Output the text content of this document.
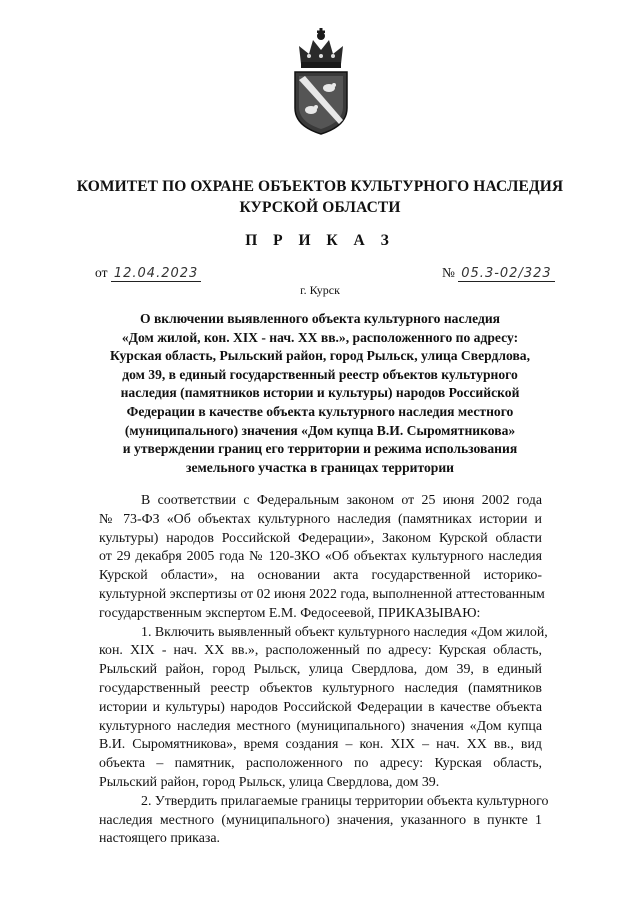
КОМИТЕТ ПО ОХРАНЕ ОБЪЕКТОВ КУЛЬТУРНОГО НАСЛЕДИЯ
КУРСКОЙ ОБЛАСТИ
П Р И К А З
от 12.04.2023	№ 05.3-02/323
г. Курск
О включении выявленного объекта культурного наследия
«Дом жилой, кон. XIX - нач. XX вв.», расположенного по адресу:
Курская область, Рыльский район, город Рыльск, улица Свердлова,
дом 39, в единый государственный реестр объектов культурного
наследия (памятников истории и культуры) народов Российской
Федерации в качестве объекта культурного наследия местного
(муниципального) значения «Дом купца В.И. Сыромятникова»
и утверждении границ его территории и режима использования
земельного участка в границах территории
В соответствии с Федеральным законом от 25 июня 2002 года
№ 73-ФЗ «Об объектах культурного наследия (памятниках истории и
культуры) народов Российской Федерации», Законом Курской области
от 29 декабря 2005 года № 120-ЗКО «Об объектах культурного наследия
Курской области», на основании акта государственной историко-
культурной экспертизы от 02 июня 2022 года, выполненной аттестованным
государственным экспертом Е.М. Федосеевой, ПРИКАЗЫВАЮ:
1. Включить выявленный объект культурного наследия «Дом жилой,
кон. XIX - нач. XX вв.», расположенный по адресу: Курская область,
Рыльский район, город Рыльск, улица Свердлова, дом 39, в единый
государственный реестр объектов культурного наследия (памятников
истории и культуры) народов Российской Федерации в качестве объекта
культурного наследия местного (муниципального) значения «Дом купца
В.И. Сыромятникова», время создания – кон. XIX – нач. XX вв., вид
объекта – памятник, расположенного по адресу: Курская область,
Рыльский район, город Рыльск, улица Свердлова, дом 39.
2. Утвердить прилагаемые границы территории объекта культурного
наследия местного (муниципального) значения, указанного в пункте 1
настоящего приказа.
